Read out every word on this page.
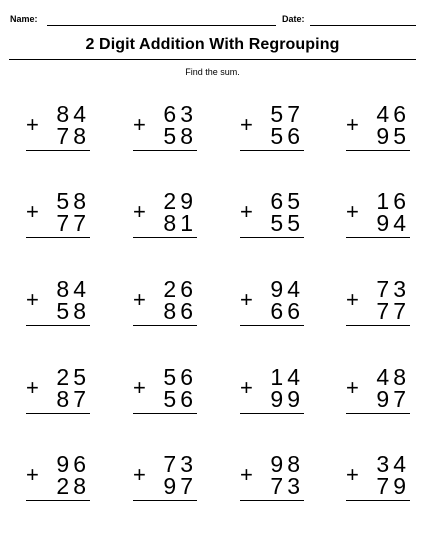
Name:	Date:
2 Digit Addition With Regrouping
Find the sum.
84
+ 78
63
+ 58
57
+ 56
46
+ 95
58
+ 77
29
+ 81
65
+ 55
16
+ 94
84
+ 58
26
+ 86
94
+ 66
73
+ 77
25
+ 87
56
+ 56
14
+ 99
48
+ 97
96
+ 28
73
+ 97
98
+ 73
34
+ 79
